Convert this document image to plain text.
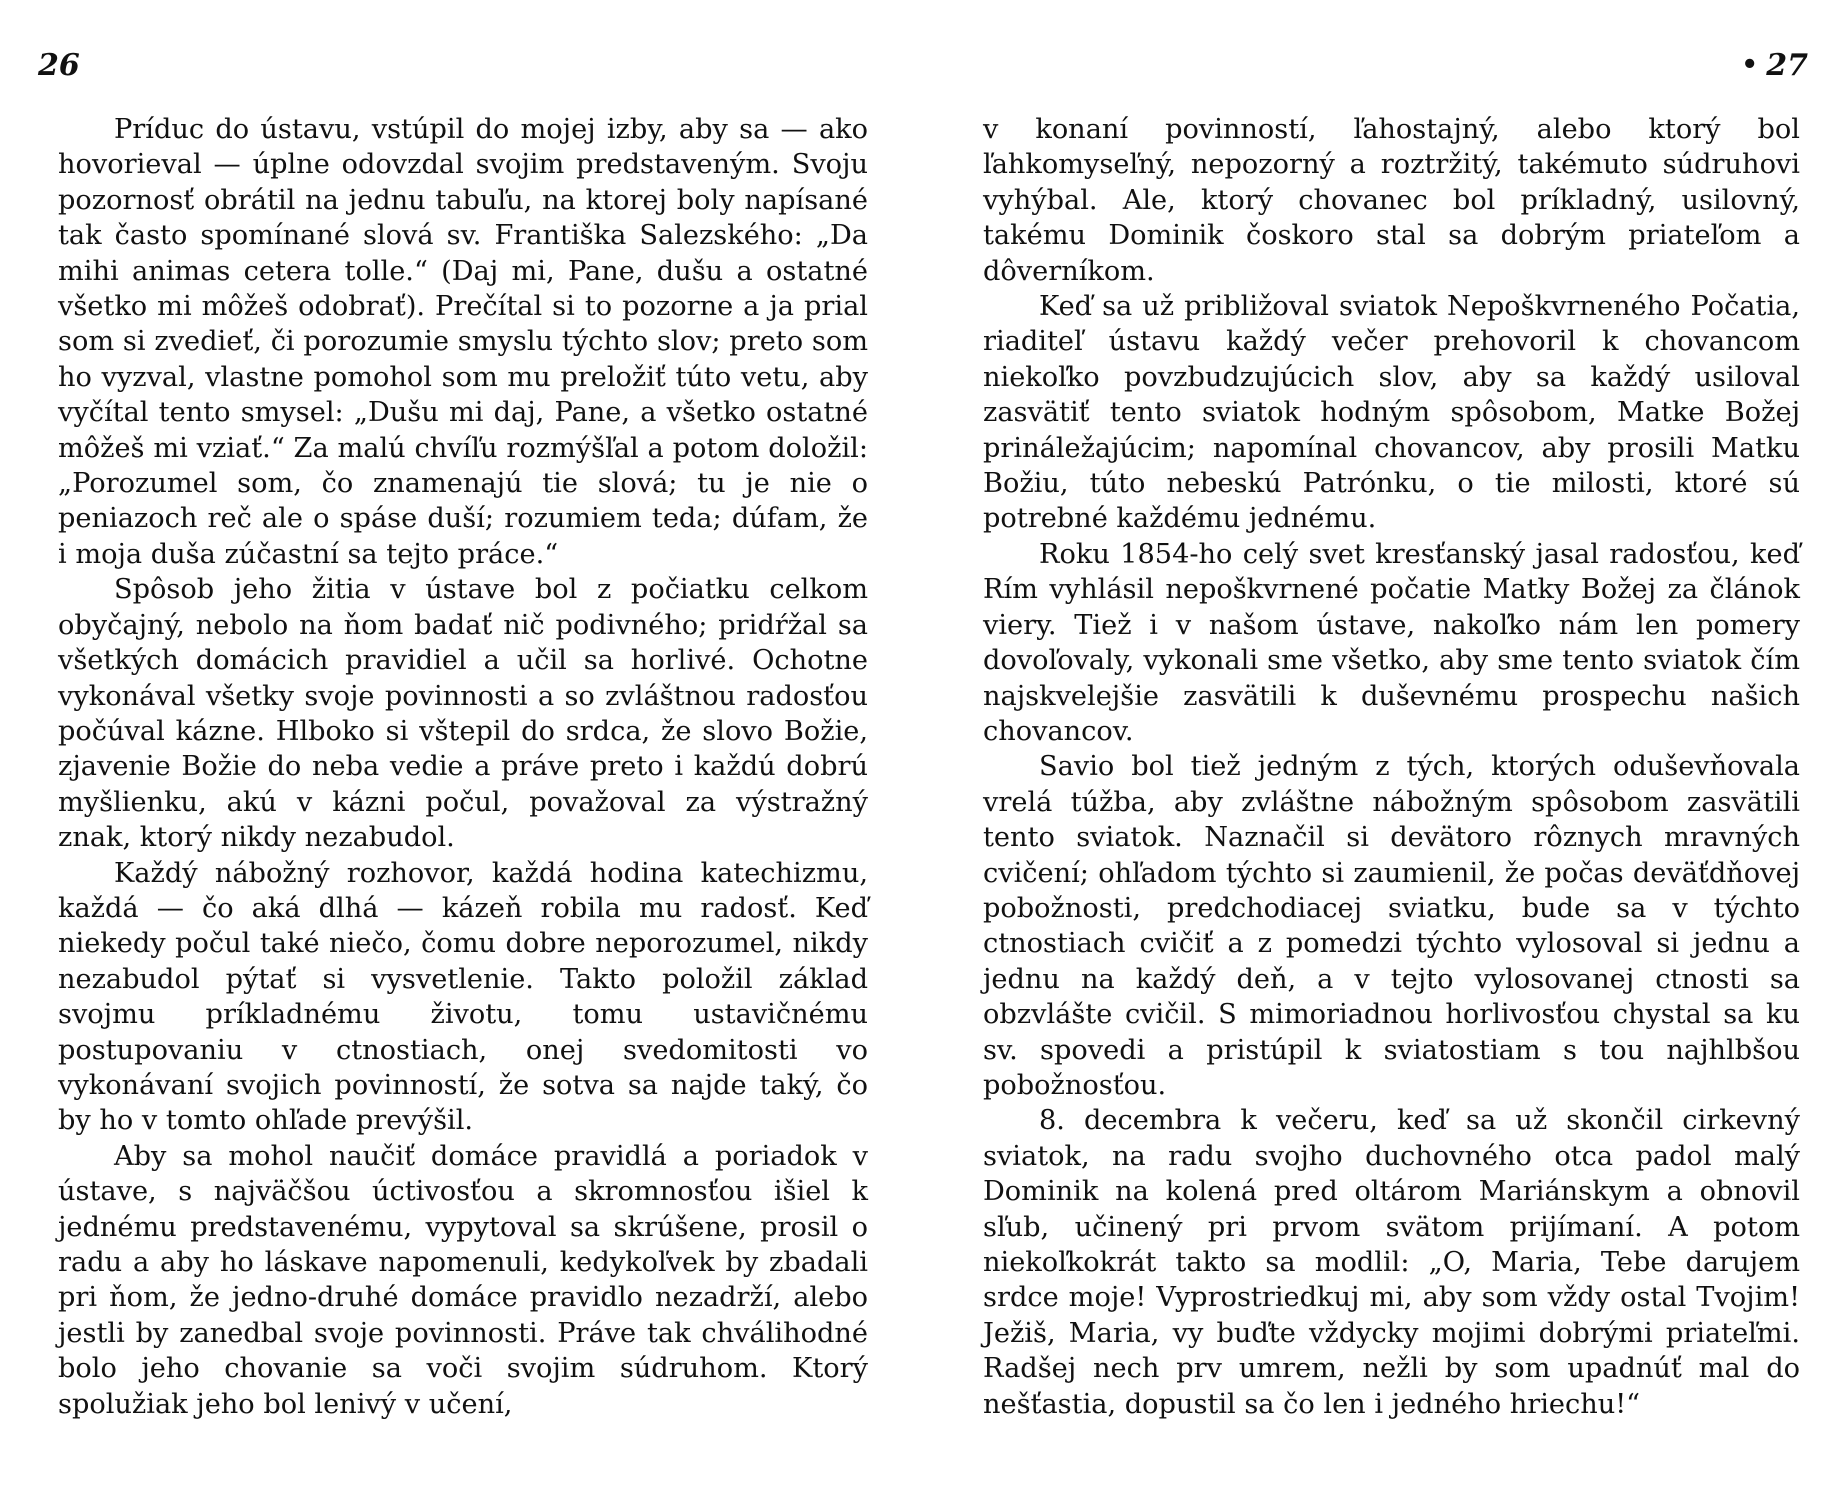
26

Príduc do ústavu, vstúpil do mojej izby, aby sa — ako hovorieval — úplne odovzdal svojim predstaveným. Svoju pozornosť obrátil na jednu tabuľu, na ktorej boly napísané tak často spomínané slová sv. Františka Salezského: „Da mihi animas cetera tolle.“ (Daj mi, Pane, dušu a ostatné všetko mi môžeš odobrať). Prečítal si to pozorne a ja prial som si zvedieť, či porozumie smyslu týchto slov; preto som ho vyzval, vlastne pomohol som mu preložiť túto vetu, aby vyčítal tento smysel: „Dušu mi daj, Pane, a všetko ostatné môžeš mi vziať.“ Za malú chvíľu rozmýšľal a potom doložil: „Porozumel som, čo znamenajú tie slová; tu je nie o peniazoch reč ale o spáse duší; rozumiem teda; dúfam, že i moja duša zúčastní sa tejto práce.“

Spôsob jeho žitia v ústave bol z počiatku celkom obyčajný, nebolo na ňom badať nič podivného; pridŕžal sa všetkých domácich pravidiel a učil sa horlivé. Ochotne vykonával všetky svoje povinnosti a so zvláštnou radosťou počúval kázne. Hlboko si vštepil do srdca, že slovo Božie, zjavenie Božie do neba vedie a práve preto i každú dobrú myšlienku, akú v kázni počul, považoval za výstražný znak, ktorý nikdy nezabudol.

Každý nábožný rozhovor, každá hodina katechizmu, každá — čo aká dlhá — kázeň robila mu radosť. Keď niekedy počul také niečo, čomu dobre neporozumel, nikdy nezabudol pýtať si vysvetlenie. Takto položil základ svojmu príkladnému životu, tomu ustavičnému postupovaniu v ctnostiach, onej svedomitosti vo vykonávaní svojich povinností, že sotva sa najde taký, čo by ho v tomto ohľade prevýšil.

Aby sa mohol naučiť domáce pravidlá a poriadok v ústave, s najväčšou úctivosťou a skromnosťou išiel k jednému predstavenému, vypytoval sa skrúšene, prosil o radu a aby ho láskave napomenuli, kedykoľvek by zbadali pri ňom, že jedno-druhé domáce pravidlo nezadrží, alebo jestli by zanedbal svoje povinnosti. Práve tak chválihodné bolo jeho chovanie sa voči svojim súdruhom. Ktorý spolužiak jeho bol lenivý v učení,

• 27

v konaní povinností, ľahostajný, alebo ktorý bol ľahkomyseľný, nepozorný a roztržitý, takémuto súdruhovi vyhýbal. Ale, ktorý chovanec bol príkladný, usilovný, takému Dominik čoskoro stal sa dobrým priateľom a dôverníkom.

Keď sa už približoval sviatok Nepoškvrneného Počatia, riaditeľ ústavu každý večer prehovoril k chovancom niekoľko povzbudzujúcich slov, aby sa každý usiloval zasvätiť tento sviatok hodným spôsobom, Matke Božej prináležajúcim; napomínal chovancov, aby prosili Matku Božiu, túto nebeskú Patrónku, o tie milosti, ktoré sú potrebné každému jednému.

Roku 1854-ho celý svet kresťanský jasal radosťou, keď Rím vyhlásil nepoškvrnené počatie Matky Božej za článok viery. Tiež i v našom ústave, nakoľko nám len pomery dovoľovaly, vykonali sme všetko, aby sme tento sviatok čím najskvelejšie zasvätili k duševnému prospechu našich chovancov.

Savio bol tiež jedným z tých, ktorých oduševňovala vrelá túžba, aby zvláštne nábožným spôsobom zasvätili tento sviatok. Naznačil si devätoro rôznych mravných cvičení; ohľadom týchto si zaumienil, že počas deväťdňovej pobožnosti, predchodiacej sviatku, bude sa v týchto ctnostiach cvičiť a z pomedzi týchto vylosoval si jednu a jednu na každý deň, a v tejto vylosovanej ctnosti sa obzvlášte cvičil. S mimoriadnou horlivosťou chystal sa ku sv. spovedi a pristúpil k sviatostiam s tou najhlbšou pobožnosťou.

8. decembra k večeru, keď sa už skončil cirkevný sviatok, na radu svojho duchovného otca padol malý Dominik na kolená pred oltárom Mariánskym a obnovil sľub, učinený pri prvom svätom prijímaní. A potom niekoľkokrát takto sa modlil: „O, Maria, Tebe darujem srdce moje! Vyprostriedkuj mi, aby som vždy ostal Tvojim! Ježiš, Maria, vy buďte vždycky mojimi dobrými priateľmi. Radšej nech prv umrem, nežli by som upadnúť mal do nešťastia, dopustil sa čo len i jedného hriechu!“
